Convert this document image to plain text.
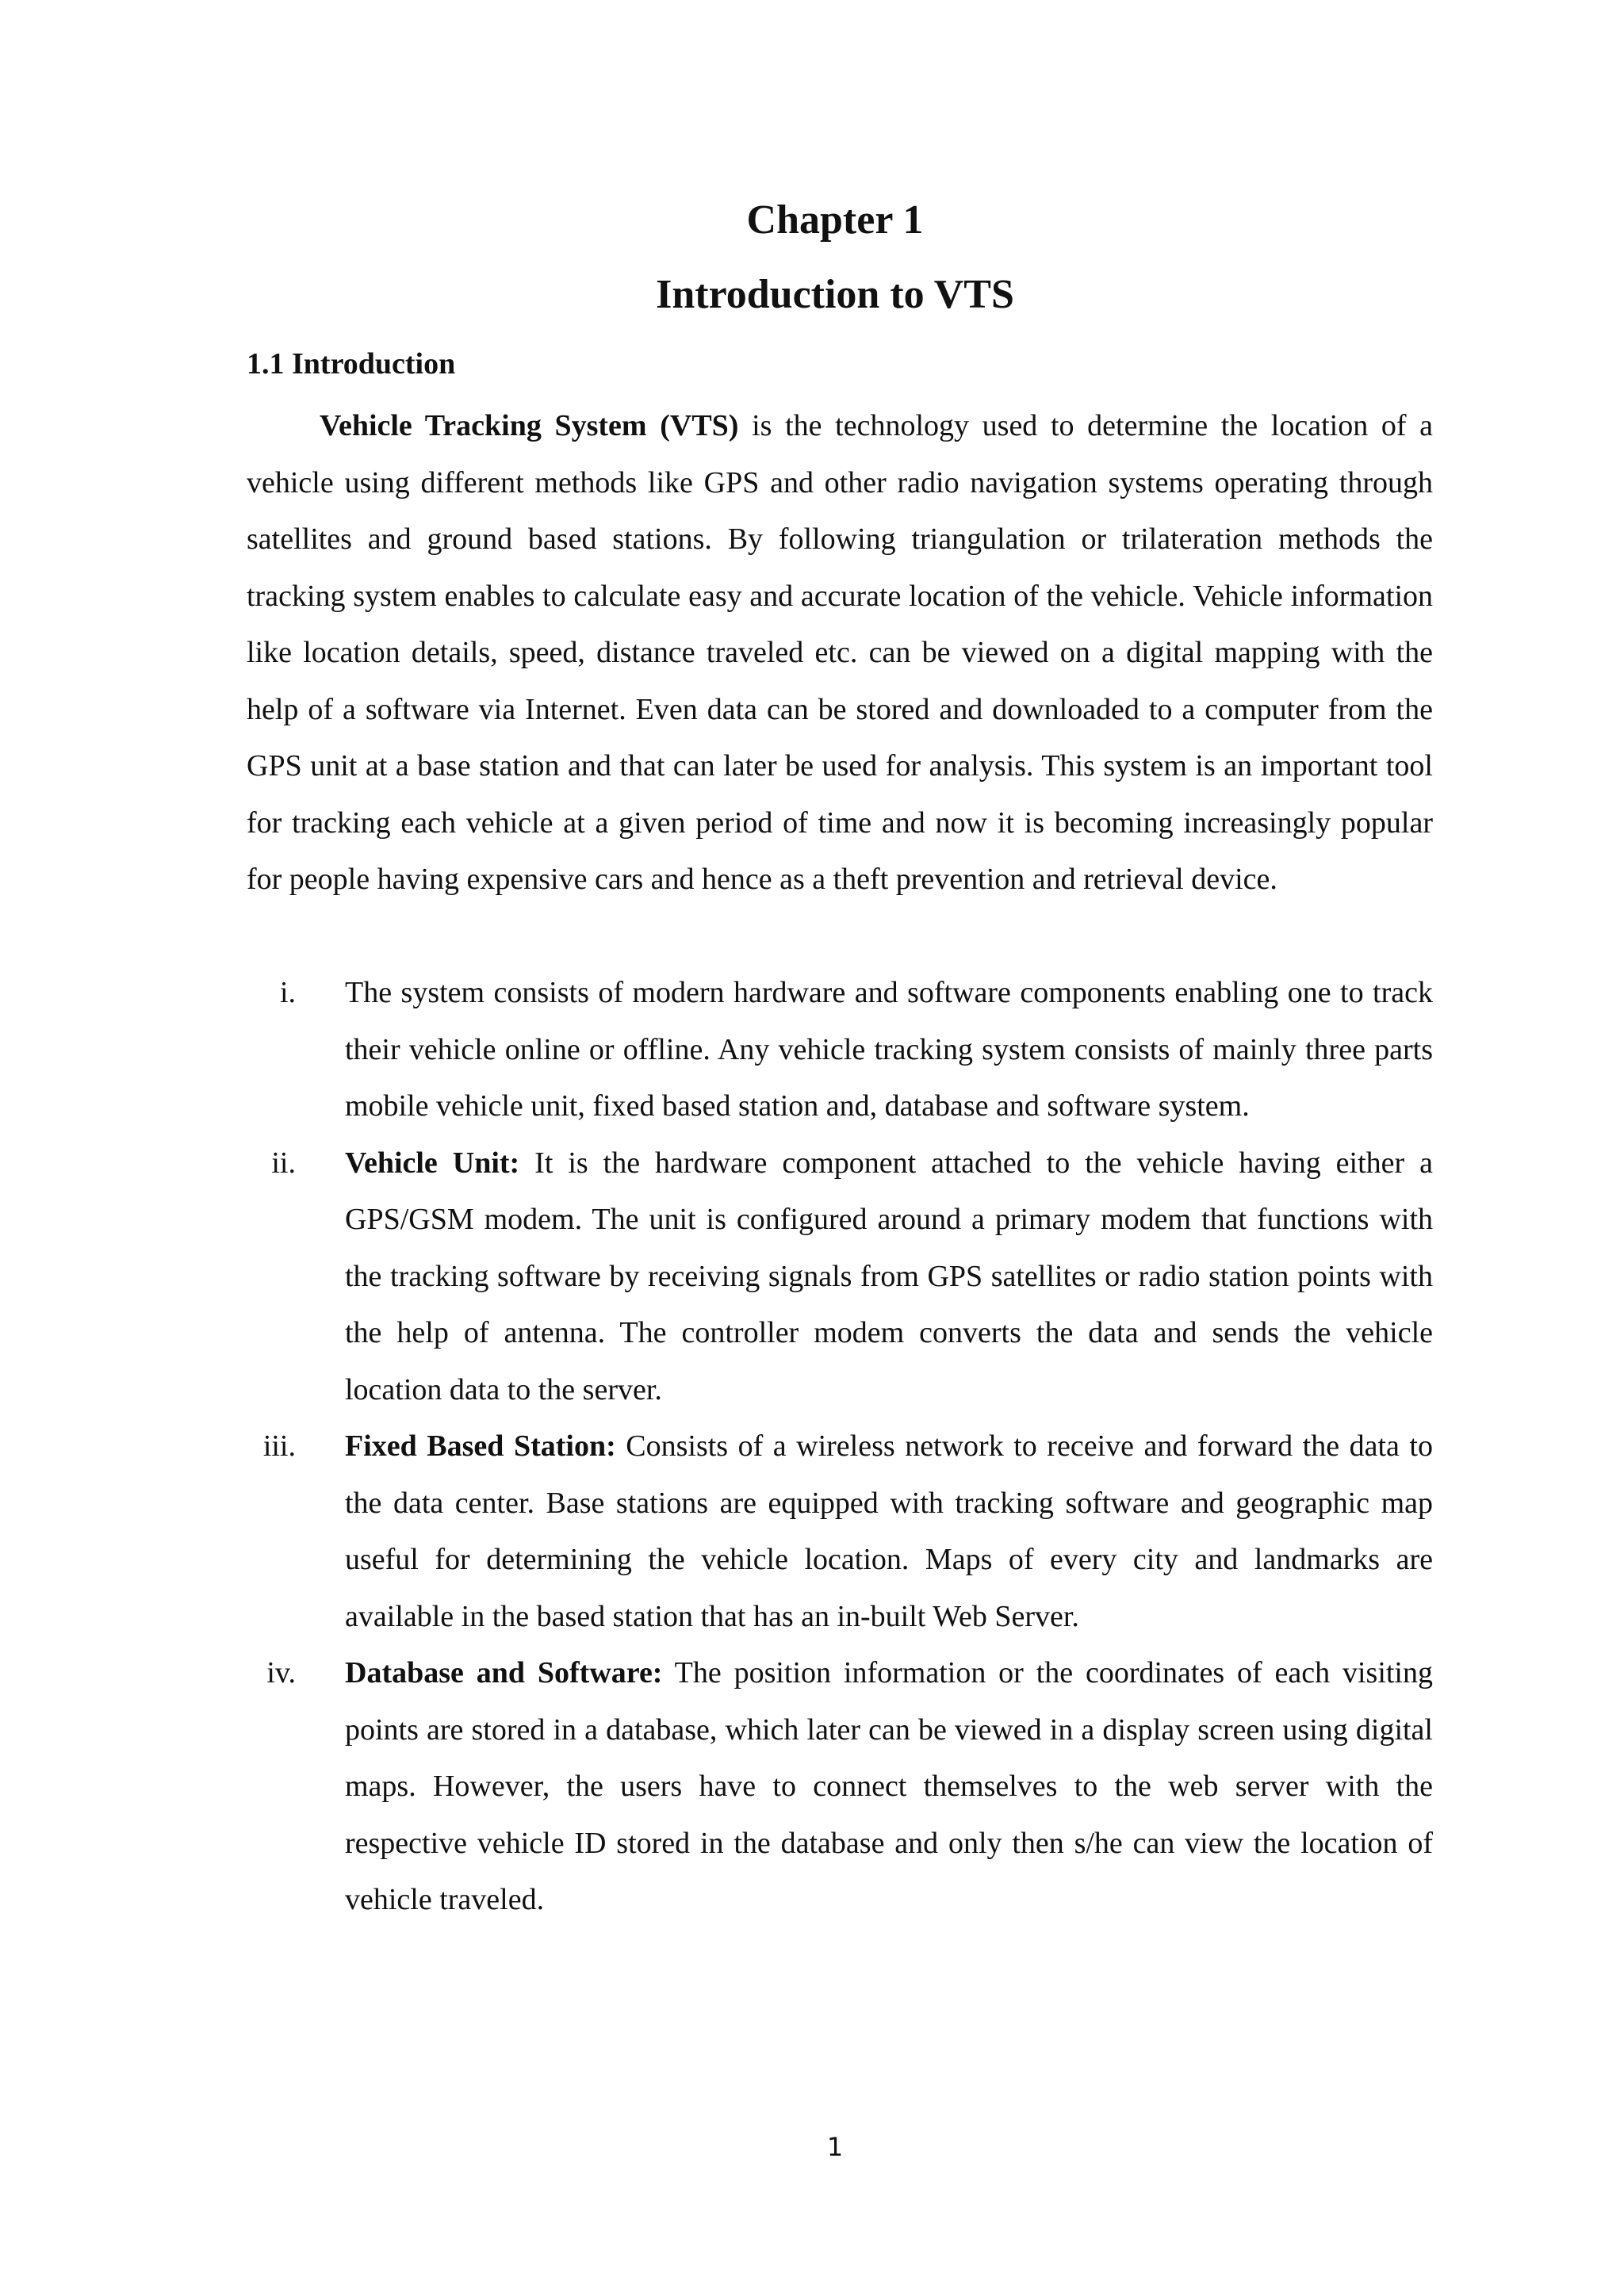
Chapter 1
Introduction to VTS
1.1 Introduction

Vehicle Tracking System (VTS) is the technology used to determine the location of a vehicle using different methods like GPS and other radio navigation systems operating through satellites and ground based stations. By following triangulation or trilateration methods the tracking system enables to calculate easy and accurate location of the vehicle. Vehicle information like location details, speed, distance traveled etc. can be viewed on a digital mapping with the help of a software via Internet. Even data can be stored and downloaded to a computer from the GPS unit at a base station and that can later be used for analysis. This system is an important tool for tracking each vehicle at a given period of time and now it is becoming increasingly popular for people having expensive cars and hence as a theft prevention and retrieval device.

i. The system consists of modern hardware and software components enabling one to track their vehicle online or offline. Any vehicle tracking system consists of mainly three parts mobile vehicle unit, fixed based station and, database and software system.
ii. Vehicle Unit: It is the hardware component attached to the vehicle having either a GPS/GSM modem. The unit is configured around a primary modem that functions with the tracking software by receiving signals from GPS satellites or radio station points with the help of antenna. The controller modem converts the data and sends the vehicle location data to the server.
iii. Fixed Based Station: Consists of a wireless network to receive and forward the data to the data center. Base stations are equipped with tracking software and geographic map useful for determining the vehicle location. Maps of every city and landmarks are available in the based station that has an in-built Web Server.
iv. Database and Software: The position information or the coordinates of each visiting points are stored in a database, which later can be viewed in a display screen using digital maps. However, the users have to connect themselves to the web server with the respective vehicle ID stored in the database and only then s/he can view the location of vehicle traveled.
1
